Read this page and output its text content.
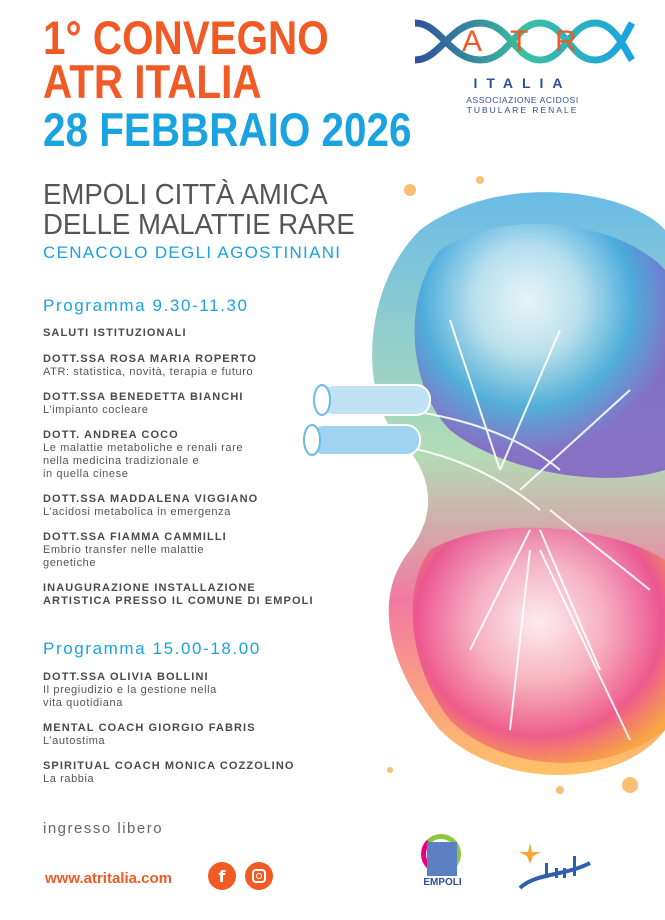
1° CONVEGNO
ATR ITALIA
28 FEBBRAIO 2026
A T R
ITALIA
ASSOCIAZIONE ACIDOSI
TUBULARE RENALE
EMPOLI CITTÀ AMICA
DELLE MALATTIE RARE
CENACOLO DEGLI AGOSTINIANI
Programma 9.30-11.30
SALUTI ISTITUZIONALI
DOTT.SSA ROSA MARIA ROPERTO

ATR: statistica, novità, terapia e futuro

DOTT.SSA BENEDETTA BIANCHI

L’impianto cocleare

DOTT. ANDREA COCO

Le malattie metaboliche e renali rare
nella medicina tradizionale e
in quella cinese

DOTT.SSA MADDALENA VIGGIANO

L’acidosi metabolica in emergenza

DOTT.SSA FIAMMA CAMMILLI

Embrio transfer nelle malattie
genetiche

INAUGURAZIONE INSTALLAZIONE
ARTISTICA PRESSO IL COMUNE DI EMPOLI
Programma 15.00-18.00
DOTT.SSA OLIVIA BOLLINI

Il pregiudizio e la gestione nella
vita quotidiana

MENTAL COACH GIORGIO FABRIS

L’autostima

SPIRITUAL COACH MONICA COZZOLINO

La rabbia

ingresso libero
www.atritalia.com	f	EMPOLI
